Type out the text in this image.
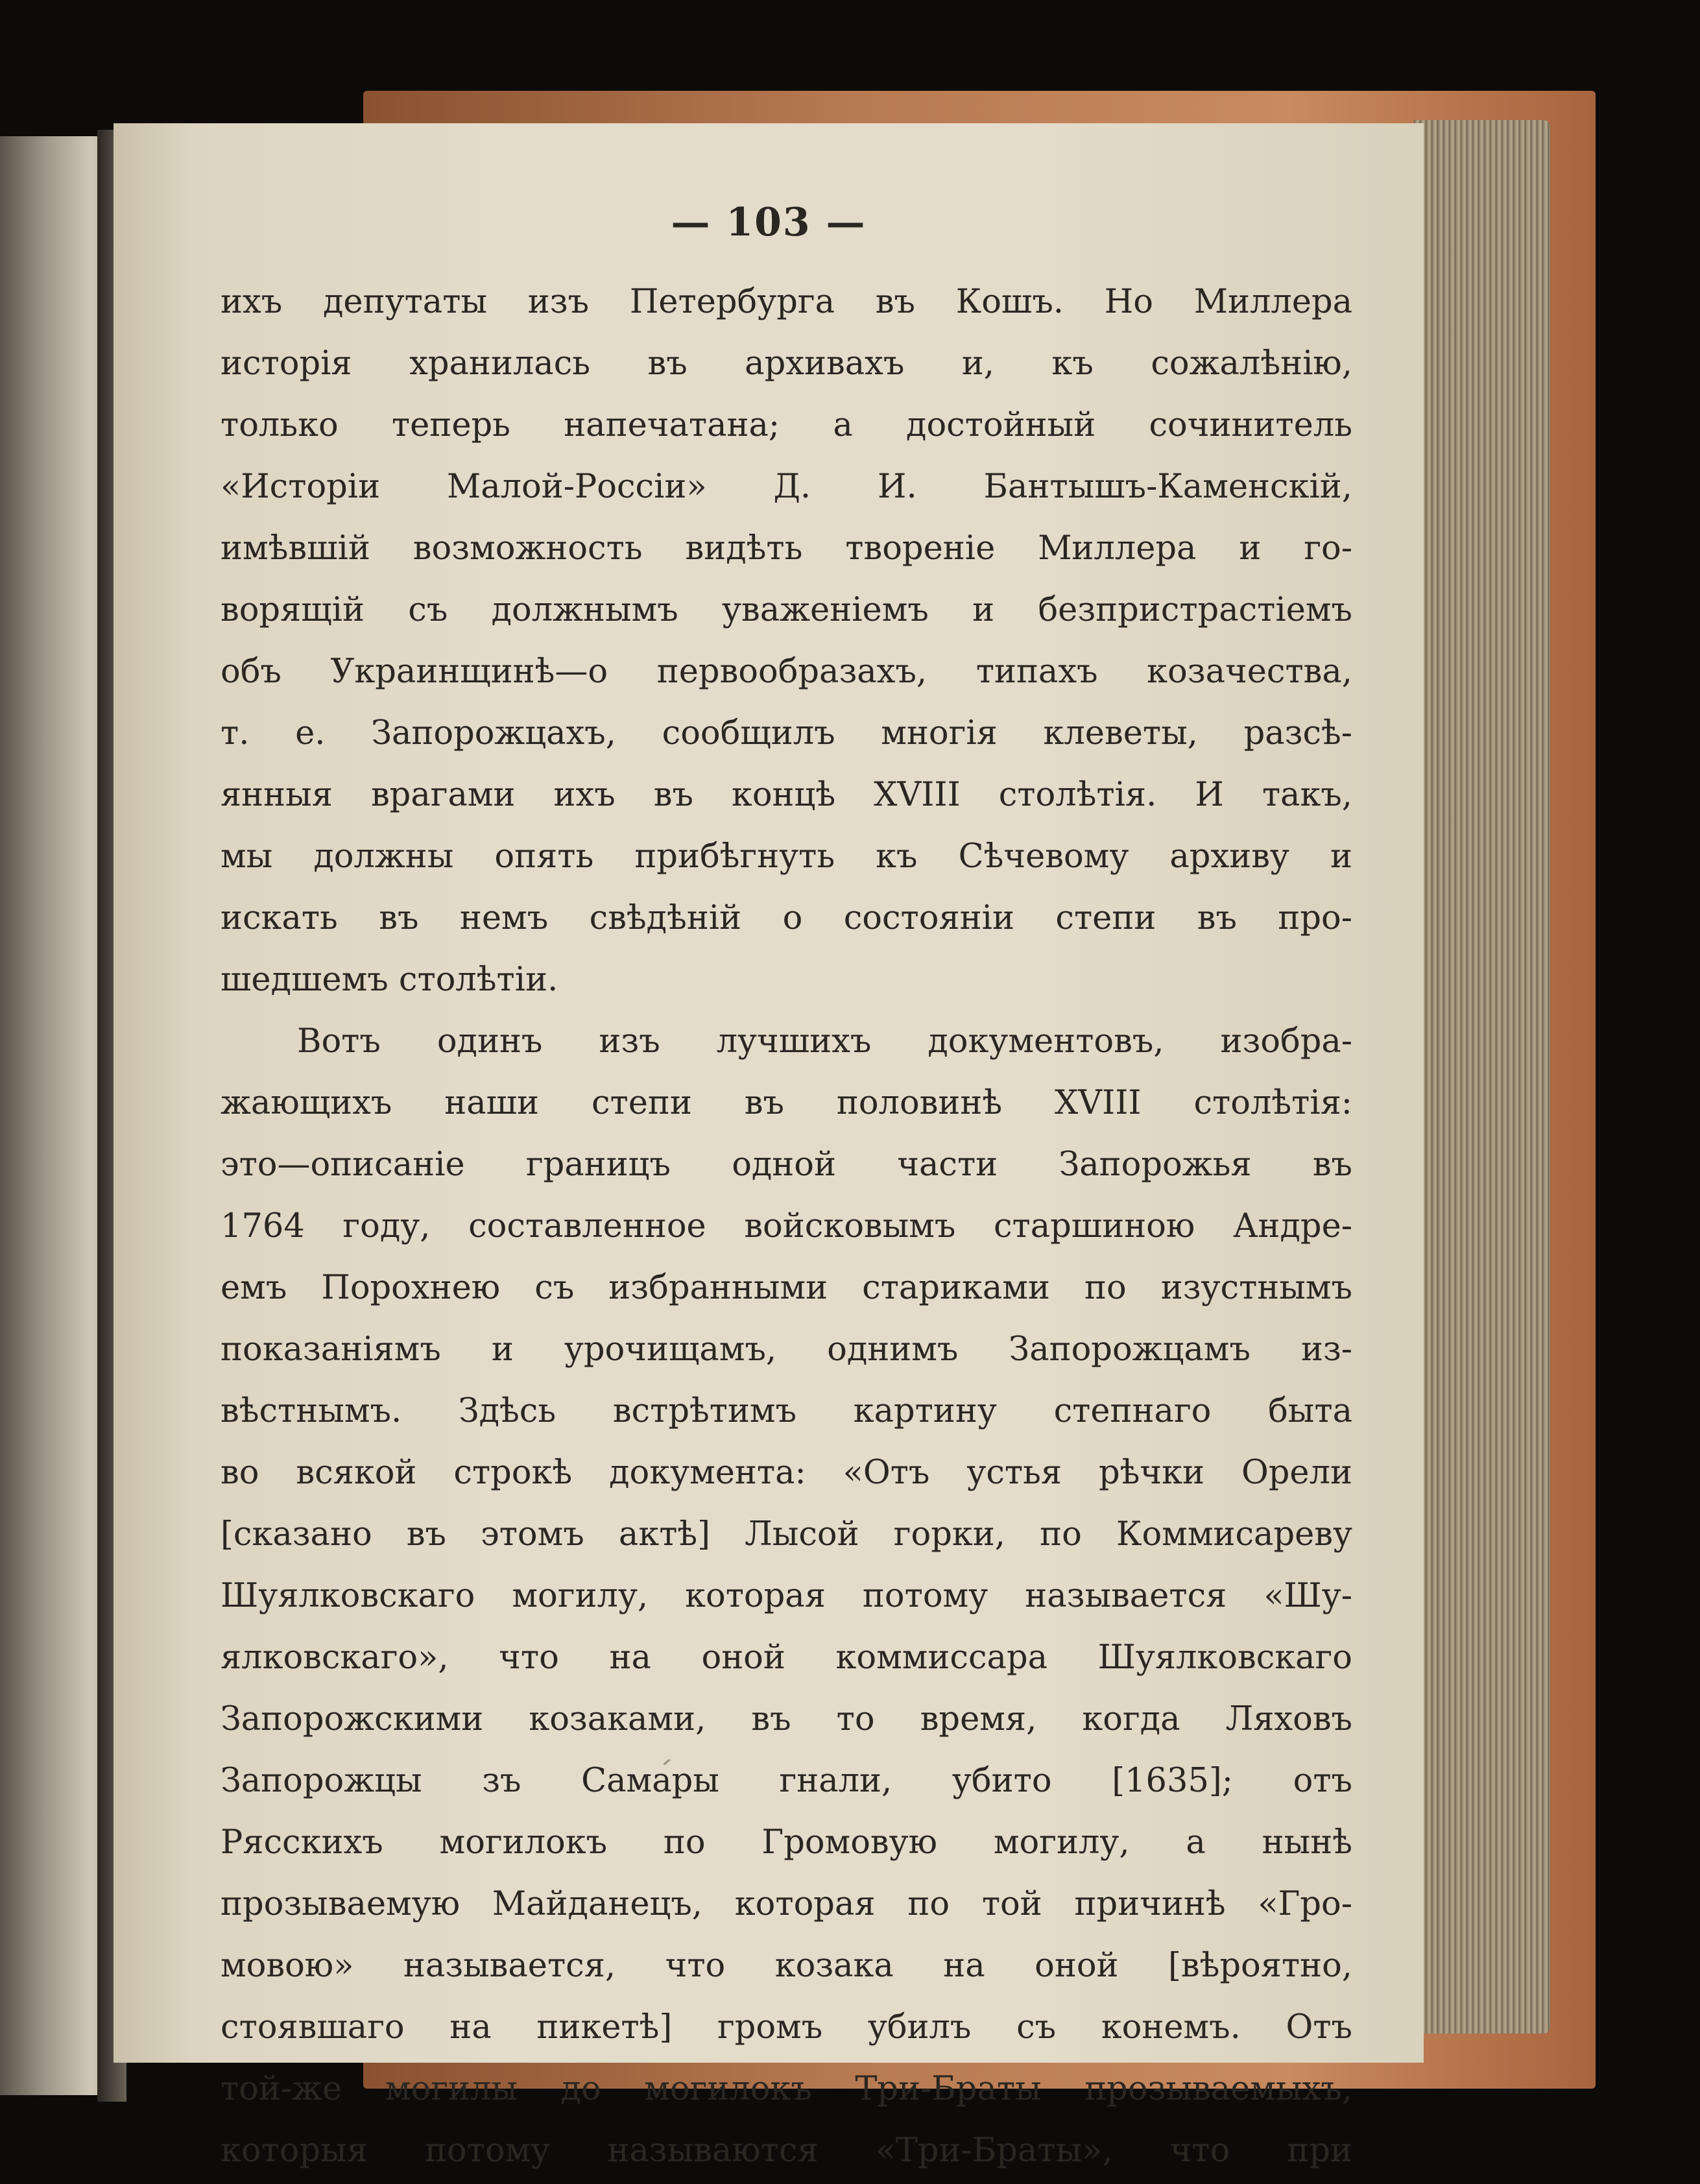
— 103 —
ихъ депутаты изъ Петербурга въ Кошъ. Но Миллера
исторія хранилась въ архивахъ и, къ сожалѣнію,
только теперь напечатана; а достойный сочинитель
«Исторіи Малой-Россіи» Д. И. Бантышъ-Каменскій,
имѣвшій возможность видѣть твореніе Миллера и го-
ворящій съ должнымъ уваженіемъ и безпристрастіемъ
объ Украинщинѣ—о первообразахъ, типахъ козачества,
т. е. Запорожцахъ, сообщилъ многія клеветы, разсѣ-
янныя врагами ихъ въ концѣ XVIII столѣтія. И такъ,
мы должны опять прибѣгнуть къ Сѣчевому архиву и
искать въ немъ свѣдѣній о состояніи степи въ про-
шедшемъ столѣтіи.
Вотъ одинъ изъ лучшихъ документовъ, изобра-
жающихъ наши степи въ половинѣ XVIII столѣтія:
это—описаніе границъ одной части Запорожья въ
1764 году, составленное войсковымъ старшиною Андре-
емъ Порохнею съ избранными стариками по изустнымъ
показаніямъ и урочищамъ, однимъ Запорожцамъ из-
вѣстнымъ. Здѣсь встрѣтимъ картину степнаго быта
во всякой строкѣ документа: «Отъ устья рѣчки Орели
[сказано въ этомъ актѣ] Лысой горки, по Коммисареву
Шуялковскаго могилу, которая потому называется «Шу-
ялковскаго», что на оной коммиссара Шуялковскаго
Запорожскими козаками, въ то время, когда Ляховъ
Запорожцы зъ Самары гнали, убито [1635]; отъ
Рясскихъ могилокъ по Громовую могилу, а нынѣ
прозываемую Майданецъ, которая по той причинѣ «Гро-
мовою» называется, что козака на оной [вѣроятно,
стоявшаго на пикетѣ] громъ убилъ съ конемъ. Отъ
той-же могилы до могилокъ Три-Браты прозываемыхъ,
которыя потому называются «Три-Браты», что при
